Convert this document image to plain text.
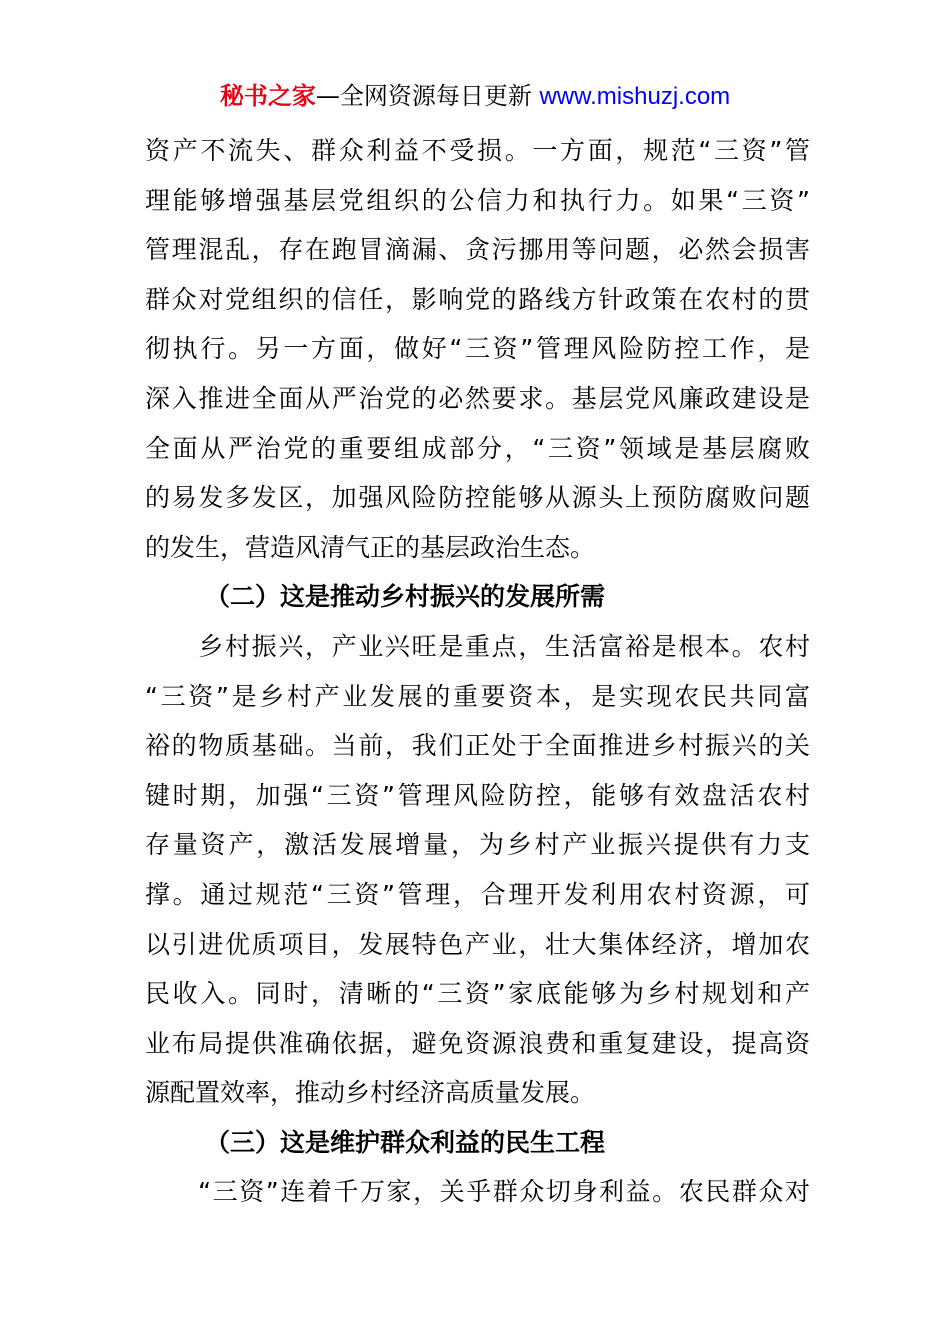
秘书之家—全网资源每日更新 www.mishuzj.com
资产不流失、群众利益不受损。一方面，规范“三资”管
理能够增强基层党组织的公信力和执行力。如果“三资”
管理混乱，存在跑冒滴漏、贪污挪用等问题，必然会损害
群众对党组织的信任，影响党的路线方针政策在农村的贯
彻执行。另一方面，做好“三资”管理风险防控工作，是
深入推进全面从严治党的必然要求。基层党风廉政建设是
全面从严治党的重要组成部分，“三资”领域是基层腐败
的易发多发区，加强风险防控能够从源头上预防腐败问题
的发生，营造风清气正的基层政治生态。
（二）这是推动乡村振兴的发展所需
　　乡村振兴，产业兴旺是重点，生活富裕是根本。农村
“三资”是乡村产业发展的重要资本，是实现农民共同富
裕的物质基础。当前，我们正处于全面推进乡村振兴的关
键时期，加强“三资”管理风险防控，能够有效盘活农村
存量资产，激活发展增量，为乡村产业振兴提供有力支
撑。通过规范“三资”管理，合理开发利用农村资源，可
以引进优质项目，发展特色产业，壮大集体经济，增加农
民收入。同时，清晰的“三资”家底能够为乡村规划和产
业布局提供准确依据，避免资源浪费和重复建设，提高资
源配置效率，推动乡村经济高质量发展。
（三）这是维护群众利益的民生工程
　　“三资”连着千万家，关乎群众切身利益。农民群众对
